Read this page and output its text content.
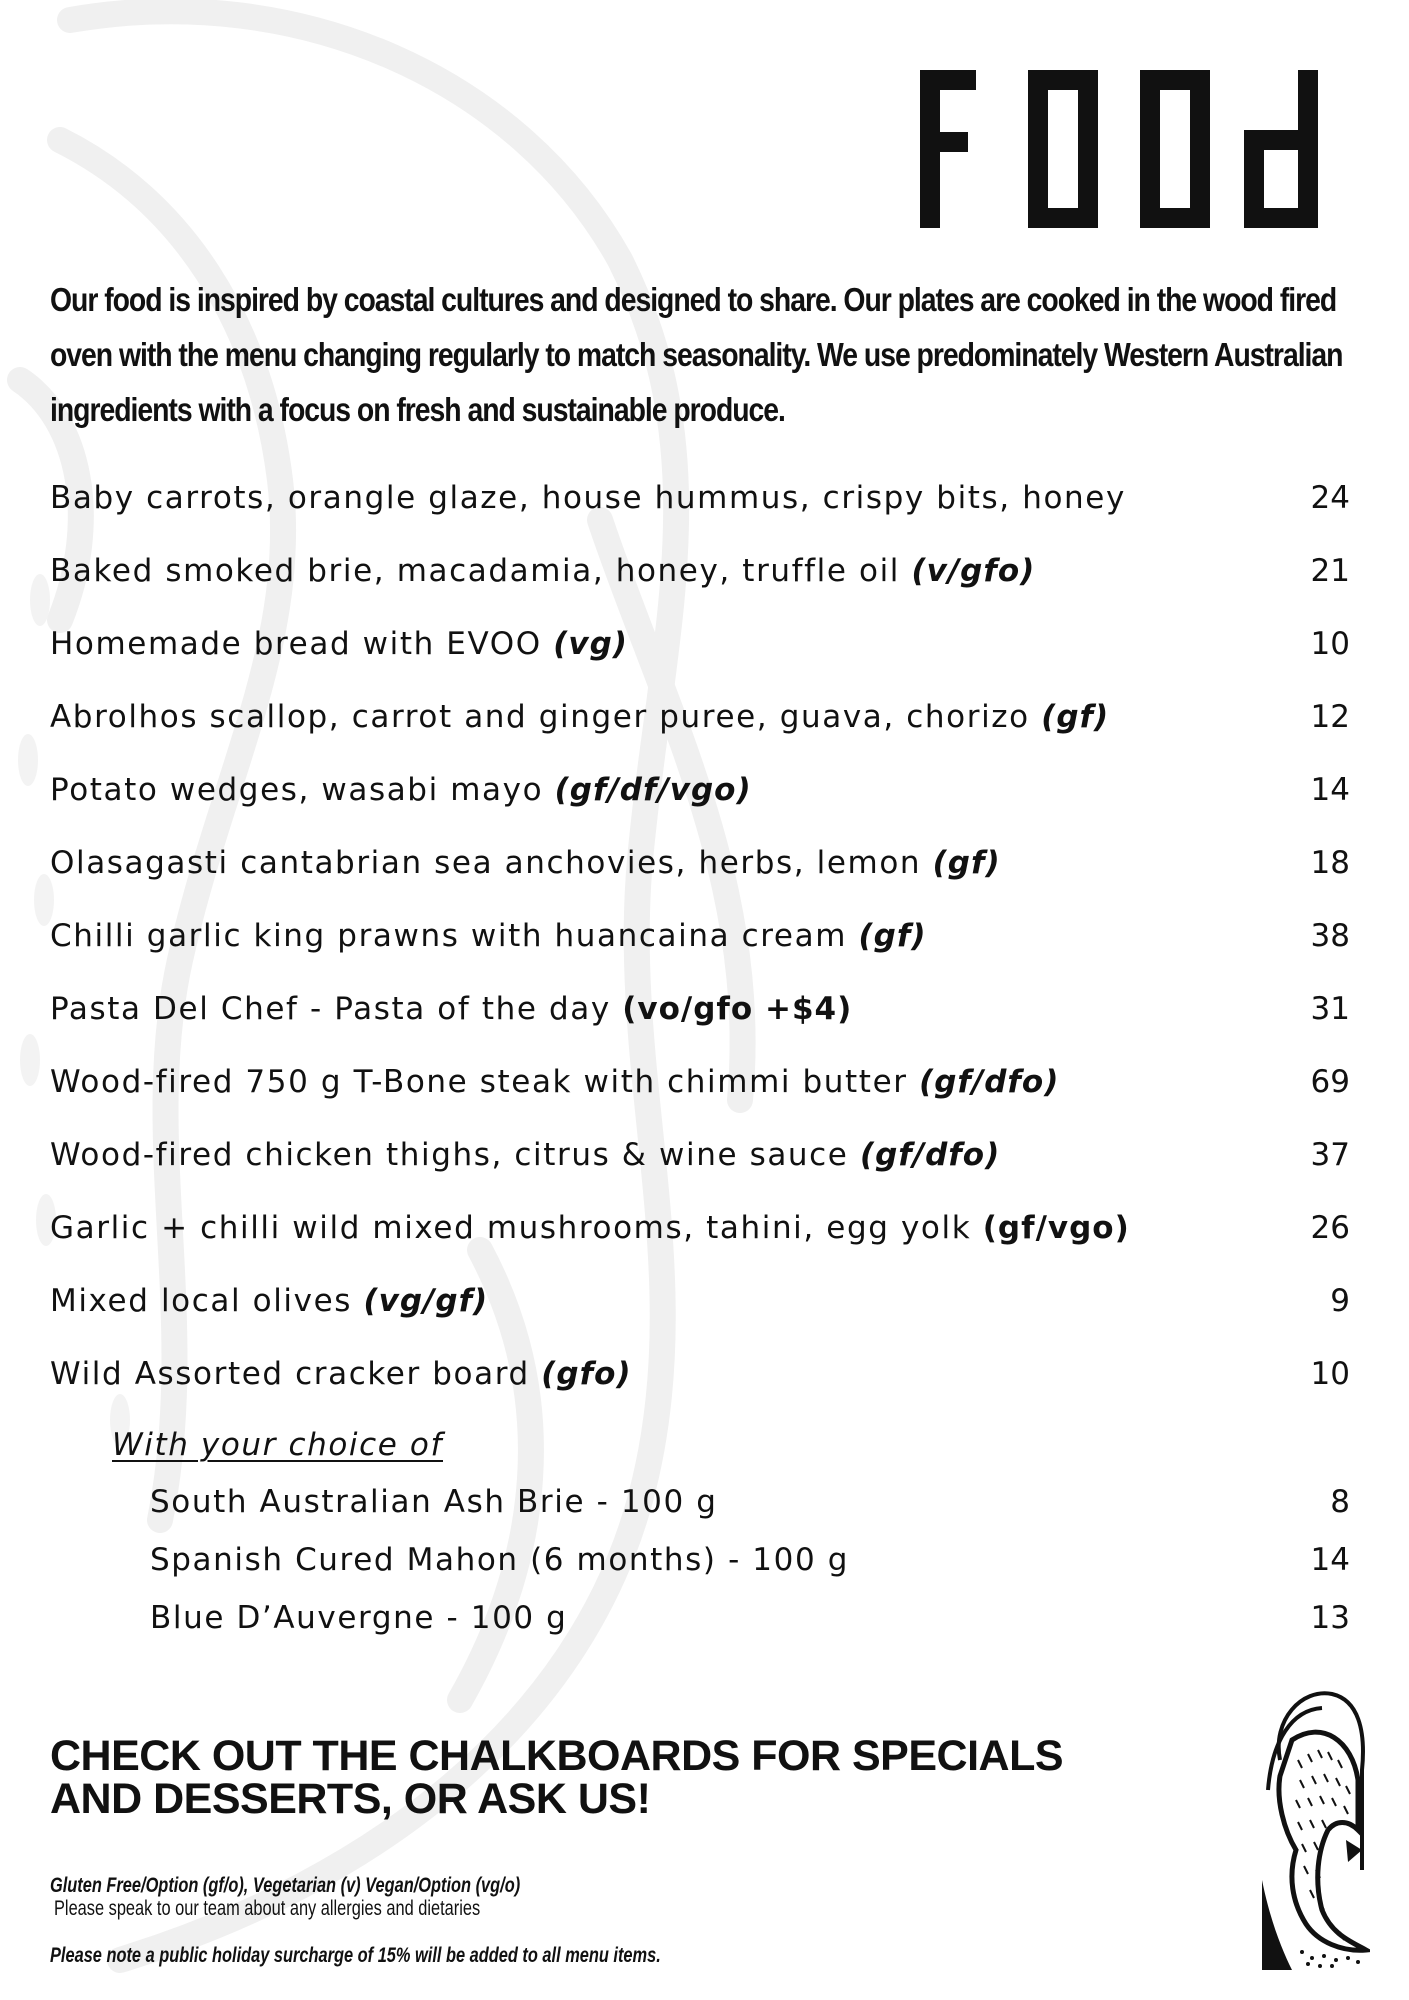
Our food is inspired by coastal cultures and designed to share. Our plates are cooked in the wood fired oven with the menu changing regularly to match seasonality. We use predominately Western Australian ingredients with a focus on fresh and sustainable produce.

Baby carrots, orangle glaze, house hummus, crispy bits, honey	24
Baked smoked brie, macadamia, honey, truffle oil (v/gfo)	21
Homemade bread with EVOO (vg)	10
Abrolhos scallop, carrot and ginger puree, guava, chorizo (gf)	12
Potato wedges, wasabi mayo (gf/df/vgo)	14
Olasagasti cantabrian sea anchovies, herbs, lemon (gf)	18
Chilli garlic king prawns with huancaina cream (gf)	38
Pasta Del Chef - Pasta of the day (vo/gfo +$4)	31
Wood-fired 750 g T-Bone steak with chimmi butter (gf/dfo)	69
Wood-fired chicken thighs, citrus & wine sauce (gf/dfo)	37
Garlic + chilli wild mixed mushrooms, tahini, egg yolk (gf/vgo)	26
Mixed local olives (vg/gf)	9
Wild Assorted cracker board (gfo)	10
With your choice of
South Australian Ash Brie - 100 g	8
Spanish Cured Mahon (6 months) - 100 g	14
Blue D’Auvergne - 100 g	13
CHECK OUT THE CHALKBOARDS FOR SPECIALS
AND DESSERTS, OR ASK US!

Gluten Free/Option (gf/o), Vegetarian (v) Vegan/Option (vg/o)

Please speak to our team about any allergies and dietaries

Please note a public holiday surcharge of 15% will be added to all menu items.
